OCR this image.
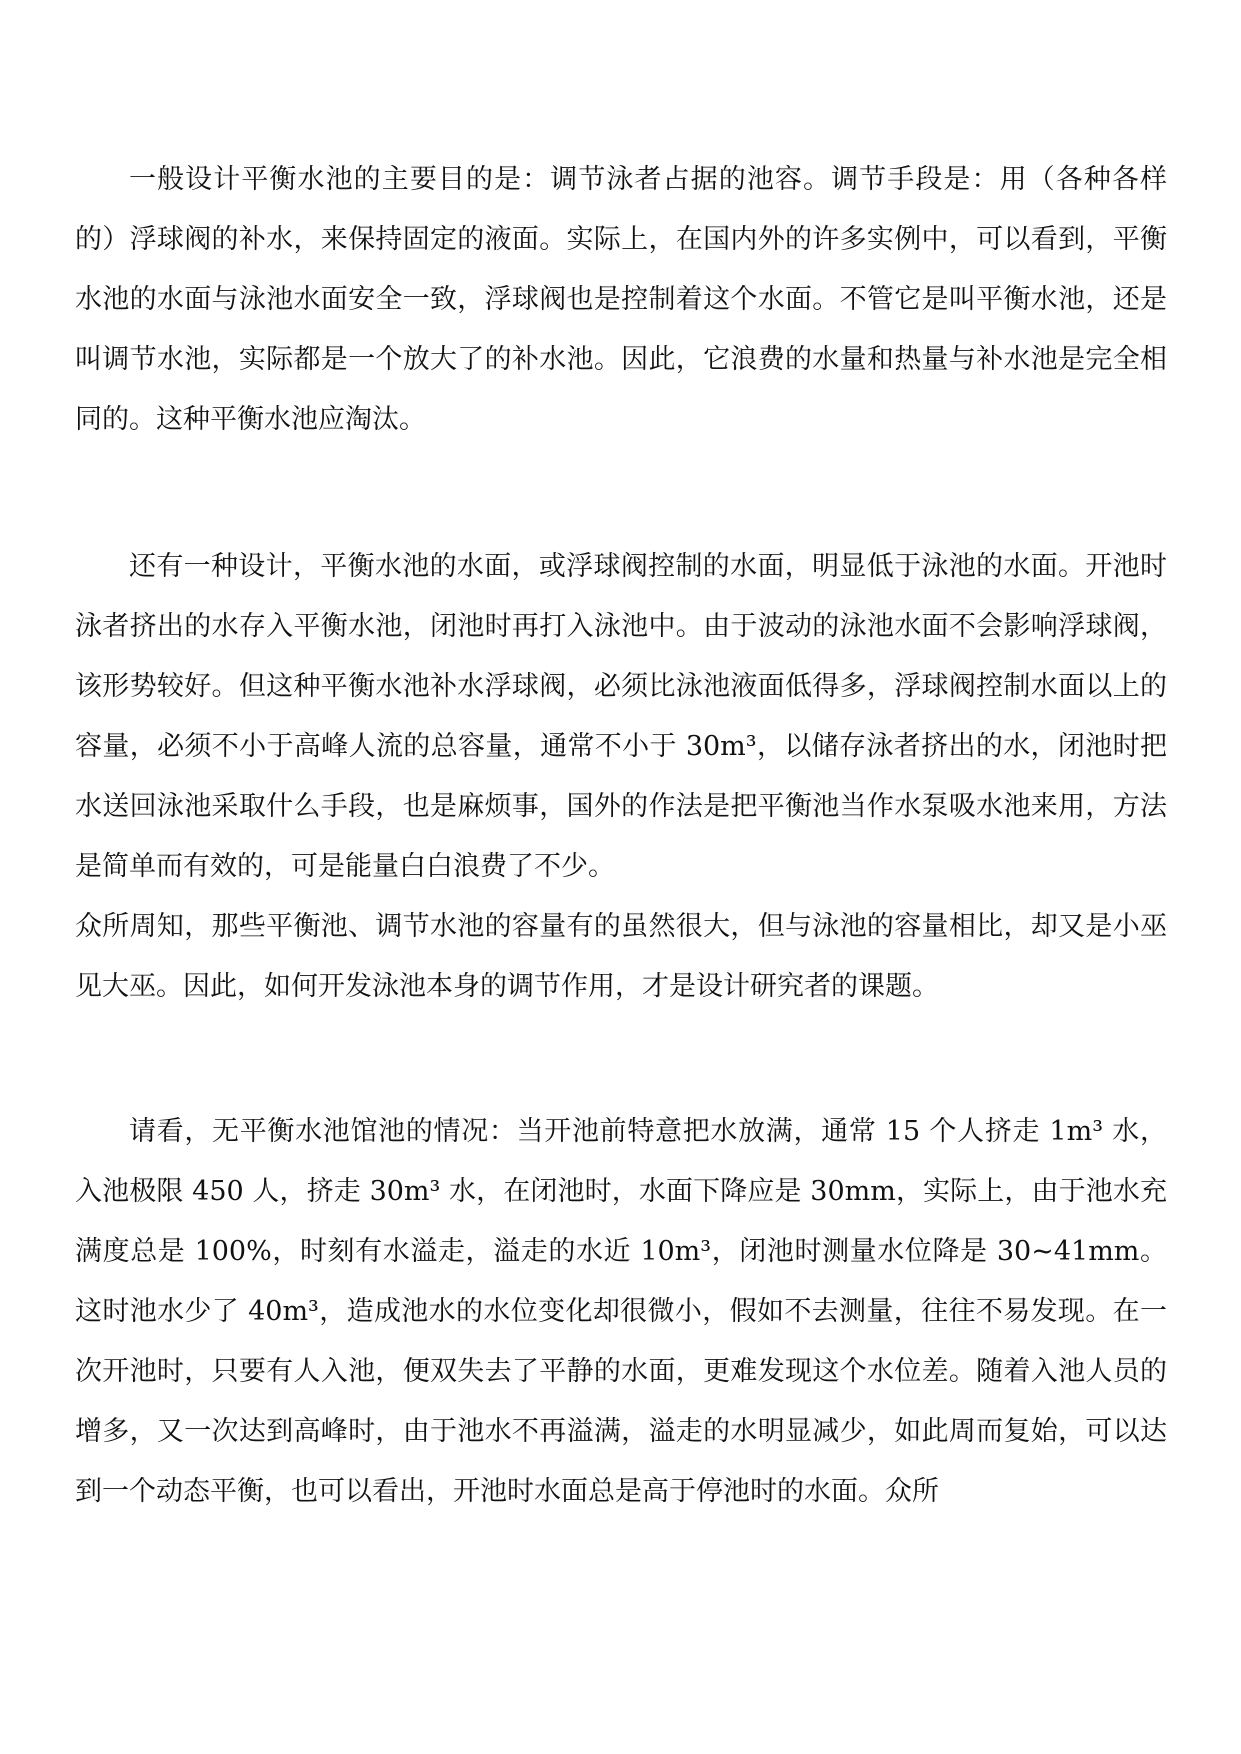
一般设计平衡水池的主要目的是：调节泳者占据的池容。调节手段是：用（各种各样的）浮球阀的补水，来保持固定的液面。实际上，在国内外的许多实例中，可以看到，平衡水池的水面与泳池水面安全一致，浮球阀也是控制着这个水面。不管它是叫平衡水池，还是叫调节水池，实际都是一个放大了的补水池。因此，它浪费的水量和热量与补水池是完全相同的。这种平衡水池应淘汰。

还有一种设计，平衡水池的水面，或浮球阀控制的水面，明显低于泳池的水面。开池时泳者挤出的水存入平衡水池，闭池时再打入泳池中。由于波动的泳池水面不会影响浮球阀，该形势较好。但这种平衡水池补水浮球阀，必须比泳池液面低得多，浮球阀控制水面以上的容量，必须不小于高峰人流的总容量，通常不小于 30m³，以储存泳者挤出的水，闭池时把水送回泳池采取什么手段，也是麻烦事，国外的作法是把平衡池当作水泵吸水池来用，方法是简单而有效的，可是能量白白浪费了不少。

众所周知，那些平衡池、调节水池的容量有的虽然很大，但与泳池的容量相比，却又是小巫见大巫。因此，如何开发泳池本身的调节作用，才是设计研究者的课题。

请看，无平衡水池馆池的情况：当开池前特意把水放满，通常 15 个人挤走 1m³ 水，入池极限 450 人，挤走 30m³ 水，在闭池时，水面下降应是 30mm，实际上，由于池水充满度总是 100%，时刻有水溢走，溢走的水近 10m³，闭池时测量水位降是 30~41mm。这时池水少了 40m³，造成池水的水位变化却很微小，假如不去测量，往往不易发现。在一次开池时，只要有人入池，便双失去了平静的水面，更难发现这个水位差。随着入池人员的增多，又一次达到高峰时，由于池水不再溢满，溢走的水明显减少，如此周而复始，可以达到一个动态平衡，也可以看出，开池时水面总是高于停池时的水面。众所
